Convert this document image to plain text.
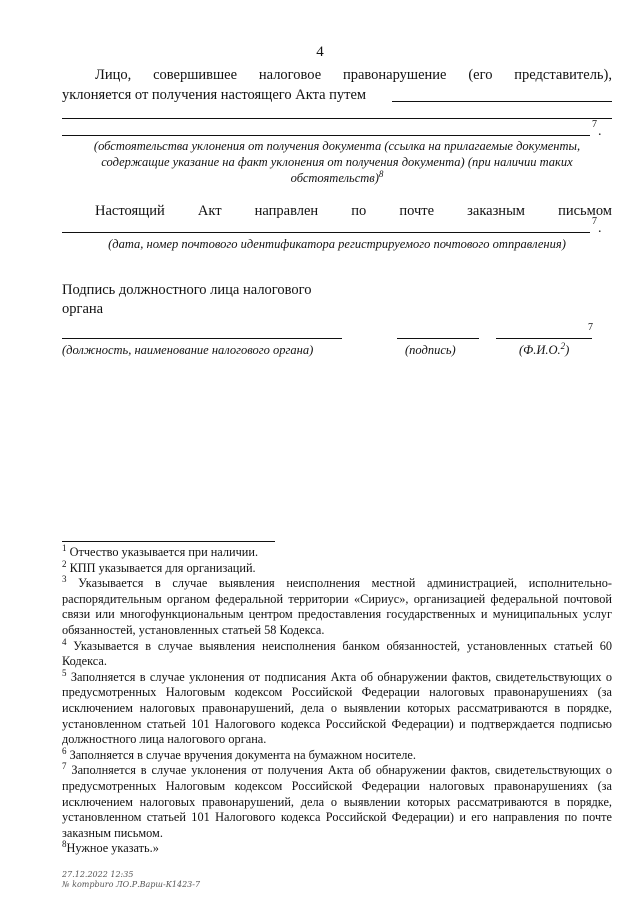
4
Лицо, совершившее налоговое правонарушение (его представитель),
уклоняется от получения настоящего Акта путем
7 .
(обстоятельства уклонения от получения документа (ссылка на прилагаемые документы,
содержащие указание на факт уклонения от получения документа) (при наличии таких
обстоятельств)$^8$
Настоящий Акт направлен по почте заказным письмом
7 .
(дата, номер почтового идентификатора регистрируемого почтового отправления)
Подпись должностного лица налогового
органа
7
(должность, наименование налогового органа)	(подпись)	(Ф.И.О.$^2$)

$^1$ Отчество указывается при наличии.

$^2$ КПП указывается для организаций.

$^3$ Указывается в случае выявления неисполнения местной администрацией, исполнительно-распорядительным органом федеральной территории «Сириус», организацией федеральной почтовой связи или многофункциональным центром предоставления государственных и муниципальных услуг обязанностей, установленных статьей 58 Кодекса.

$^4$ Указывается в случае выявления неисполнения банком обязанностей, установленных статьей 60 Кодекса.

$^5$ Заполняется в случае уклонения от подписания Акта об обнаружении фактов, свидетельствующих о предусмотренных Налоговым кодексом Российской Федерации налоговых правонарушениях (за исключением налоговых правонарушений, дела о выявлении которых рассматриваются в порядке, установленном статьей 101 Налогового кодекса Российской Федерации) и подтверждается подписью должностного лица налогового органа.

$^6$ Заполняется в случае вручения документа на бумажном носителе.

$^7$ Заполняется в случае уклонения от получения Акта об обнаружении фактов, свидетельствующих о предусмотренных Налоговым кодексом Российской Федерации налоговых правонарушениях (за исключением налоговых правонарушений, дела о выявлении которых рассматриваются в порядке, установленном статьей 101 Налогового кодекса Российской Федерации) и его направления по почте заказным письмом.

$^8$Нужное указать.»

27.12.2022 12:35
№ kompburo ЛО.Р.Варш-К1423-7
